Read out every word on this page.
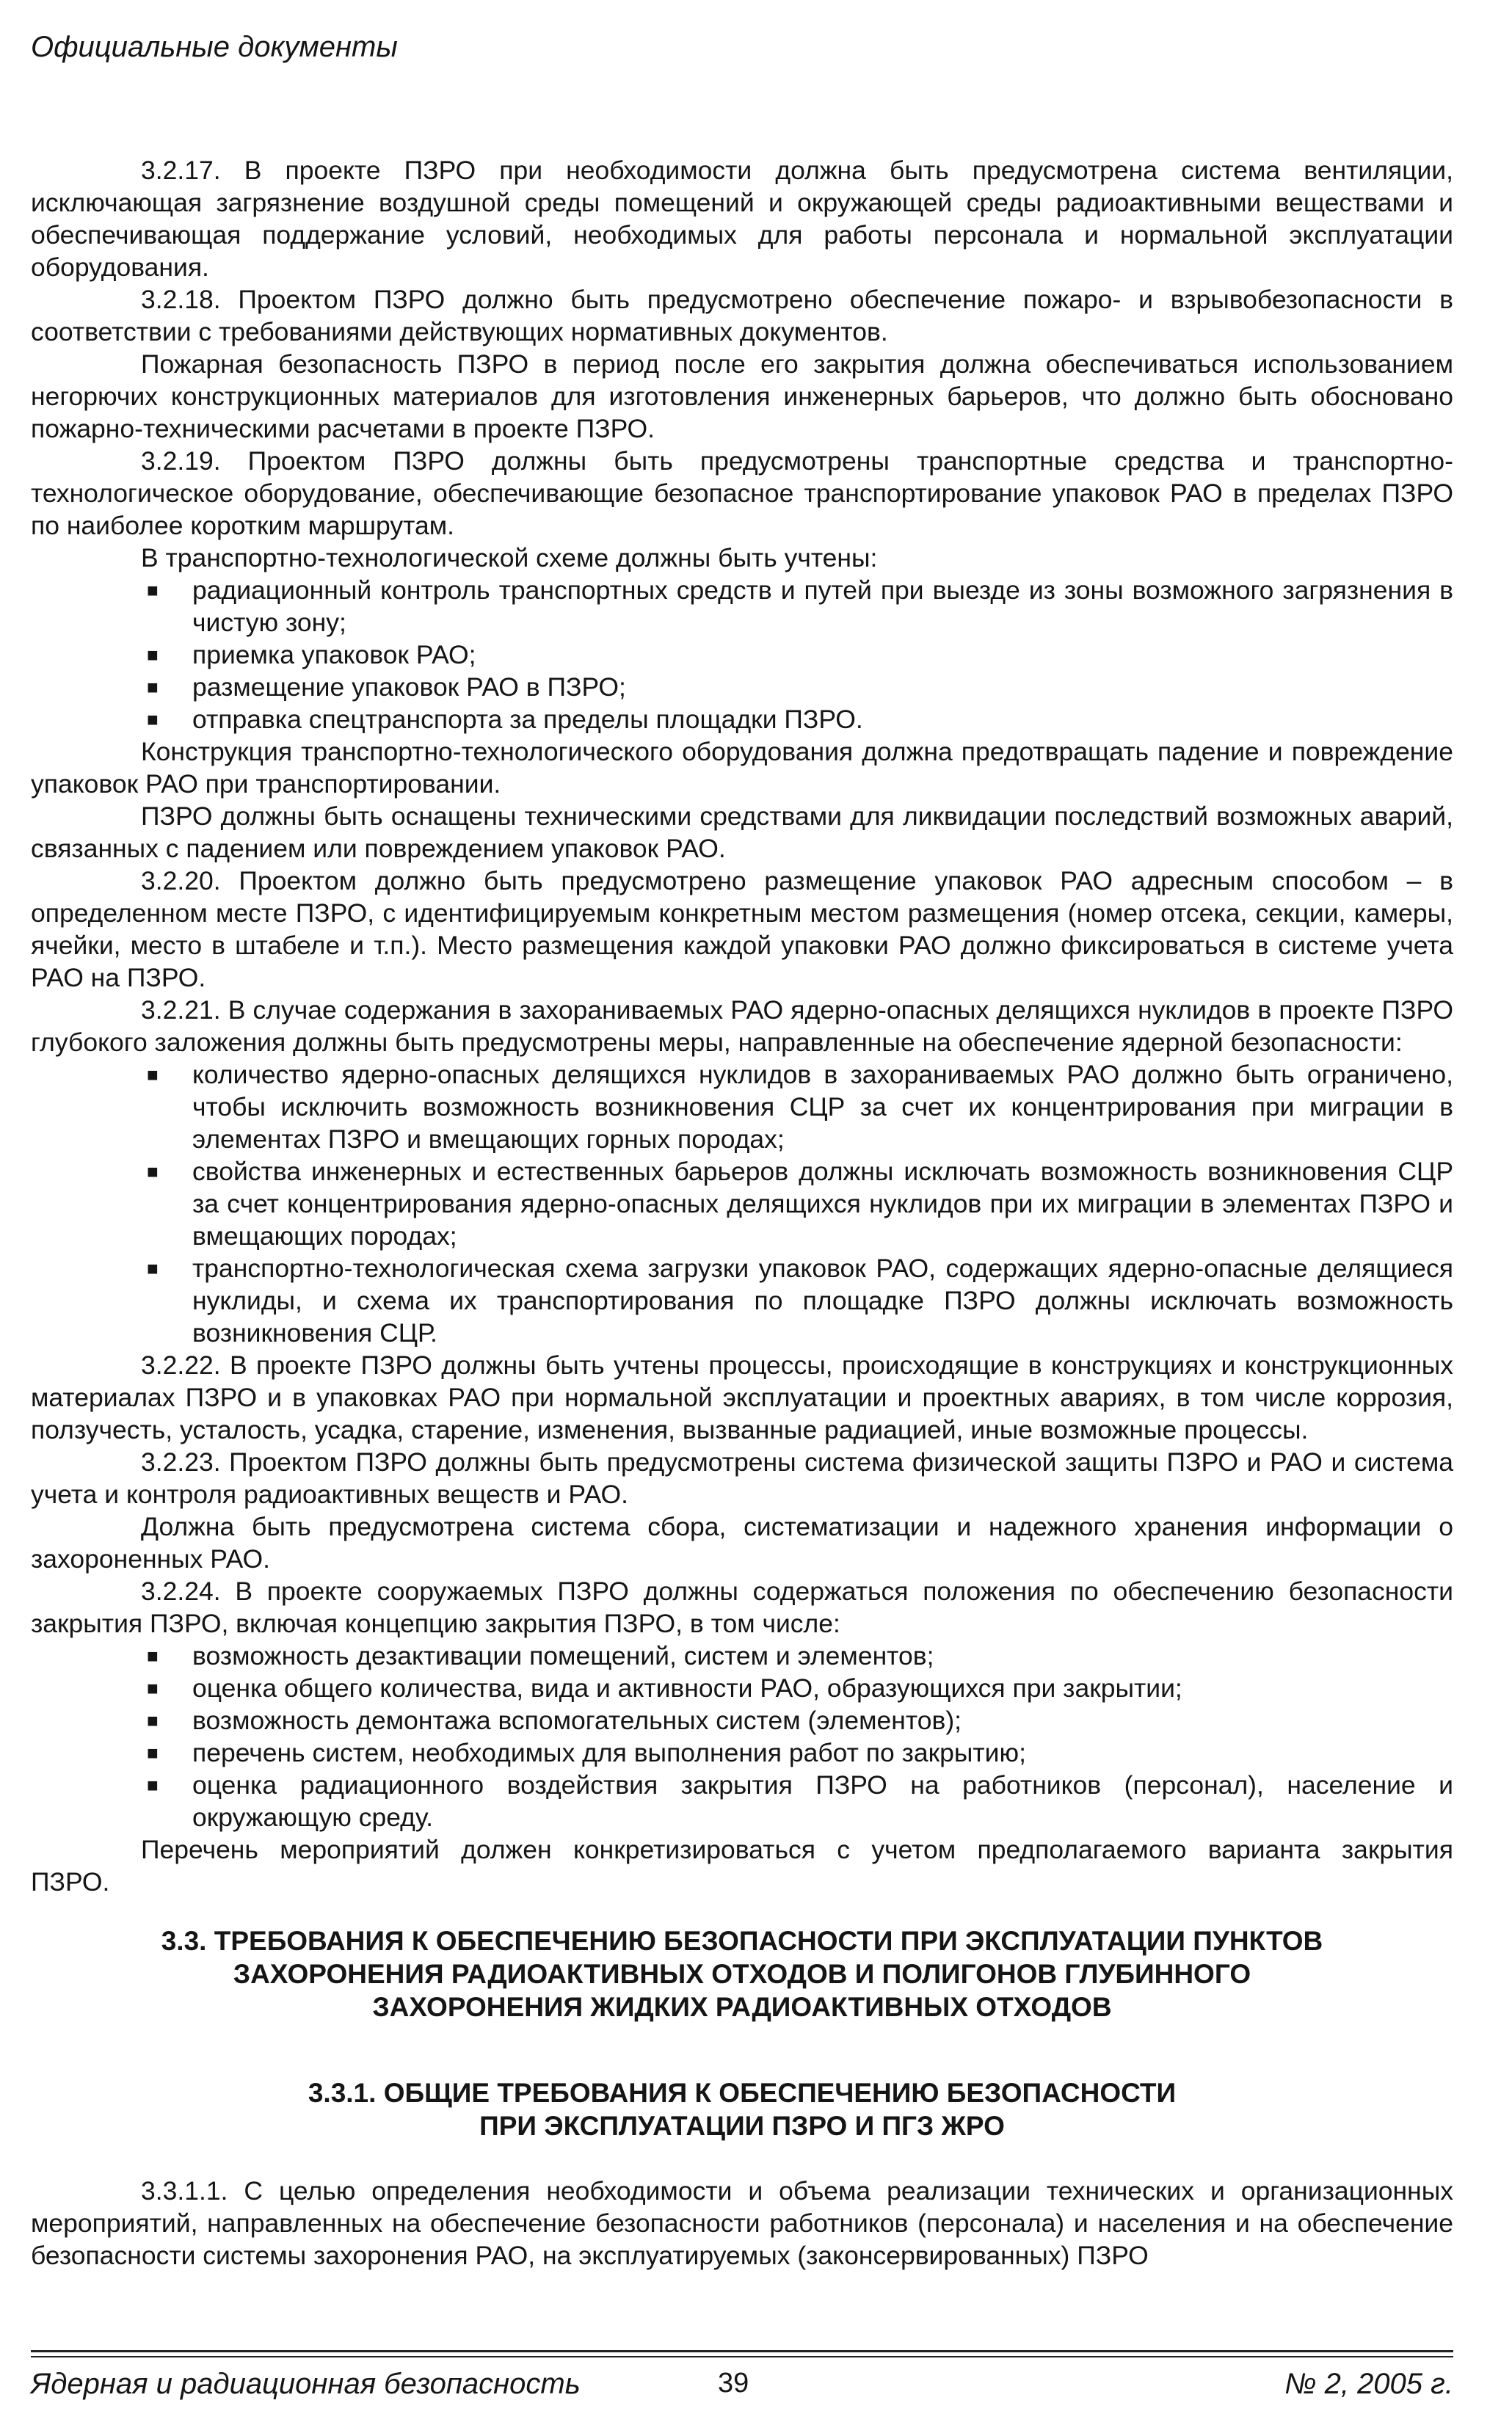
Официальные документы

3.2.17. В проекте ПЗРО при необходимости должна быть предусмотрена система вентиляции, исключающая загрязнение воздушной среды помещений и окружающей среды радиоактивными веществами и обеспечивающая поддержание условий, необходимых для работы персонала и нормальной эксплуатации оборудования.

3.2.18. Проектом ПЗРО должно быть предусмотрено обеспечение пожаро- и взрывобезопасности в соответствии с требованиями действующих нормативных документов.

Пожарная безопасность ПЗРО в период после его закрытия должна обеспечиваться использованием негорючих конструкционных материалов для изготовления инженерных барьеров, что должно быть обосновано пожарно-техническими расчетами в проекте ПЗРО.

3.2.19. Проектом ПЗРО должны быть предусмотрены транспортные средства и транспортно-технологическое оборудование, обеспечивающие безопасное транспортирование упаковок РАО в пределах ПЗРО по наиболее коротким маршрутам.

В транспортно-технологической схеме должны быть учтены:

■ радиационный контроль транспортных средств и путей при выезде из зоны возможного загрязнения в чистую зону;
■ приемка упаковок РАО;
■ размещение упаковок РАО в ПЗРО;
■ отправка спецтранспорта за пределы площадки ПЗРО.

Конструкция транспортно-технологического оборудования должна предотвращать падение и повреждение упаковок РАО при транспортировании.

ПЗРО должны быть оснащены техническими средствами для ликвидации последствий возможных аварий, связанных с падением или повреждением упаковок РАО.

3.2.20. Проектом должно быть предусмотрено размещение упаковок РАО адресным способом – в определенном месте ПЗРО, с идентифицируемым конкретным местом размещения (номер отсека, секции, камеры, ячейки, место в штабеле и т.п.). Место размещения каждой упаковки РАО должно фиксироваться в системе учета РАО на ПЗРО.

3.2.21. В случае содержания в захораниваемых РАО ядерно-опасных делящихся нуклидов в проекте ПЗРО глубокого заложения должны быть предусмотрены меры, направленные на обеспечение ядерной безопасности:

■ количество ядерно-опасных делящихся нуклидов в захораниваемых РАО должно быть ограничено, чтобы исключить возможность возникновения СЦР за счет их концентрирования при миграции в элементах ПЗРО и вмещающих горных породах;
■ свойства инженерных и естественных барьеров должны исключать возможность возникновения СЦР за счет концентрирования ядерно-опасных делящихся нуклидов при их миграции в элементах ПЗРО и вмещающих породах;
■ транспортно-технологическая схема загрузки упаковок РАО, содержащих ядерно-опасные делящиеся нуклиды, и схема их транспортирования по площадке ПЗРО должны исключать возможность возникновения СЦР.

3.2.22. В проекте ПЗРО должны быть учтены процессы, происходящие в конструкциях и конструкционных материалах ПЗРО и в упаковках РАО при нормальной эксплуатации и проектных авариях, в том числе коррозия, ползучесть, усталость, усадка, старение, изменения, вызванные радиацией, иные возможные процессы.

3.2.23. Проектом ПЗРО должны быть предусмотрены система физической защиты ПЗРО и РАО и система учета и контроля радиоактивных веществ и РАО.

Должна быть предусмотрена система сбора, систематизации и надежного хранения информации о захороненных РАО.

3.2.24. В проекте сооружаемых ПЗРО должны содержаться положения по обеспечению безопасности закрытия ПЗРО, включая концепцию закрытия ПЗРО, в том числе:

■ возможность дезактивации помещений, систем и элементов;
■ оценка общего количества, вида и активности РАО, образующихся при закрытии;
■ возможность демонтажа вспомогательных систем (элементов);
■ перечень систем, необходимых для выполнения работ по закрытию;
■ оценка радиационного воздействия закрытия ПЗРО на работников (персонал), население и окружающую среду.

Перечень мероприятий должен конкретизироваться с учетом предполагаемого варианта закрытия

ПЗРО.

3.3. ТРЕБОВАНИЯ К ОБЕСПЕЧЕНИЮ БЕЗОПАСНОСТИ ПРИ ЭКСПЛУАТАЦИИ ПУНКТОВ
ЗАХОРОНЕНИЯ РАДИОАКТИВНЫХ ОТХОДОВ И ПОЛИГОНОВ ГЛУБИННОГО
ЗАХОРОНЕНИЯ ЖИДКИХ РАДИОАКТИВНЫХ ОТХОДОВ
3.3.1. ОБЩИЕ ТРЕБОВАНИЯ К ОБЕСПЕЧЕНИЮ БЕЗОПАСНОСТИ
ПРИ ЭКСПЛУАТАЦИИ ПЗРО И ПГЗ ЖРО

3.3.1.1. С целью определения необходимости и объема реализации технических и организационных мероприятий, направленных на обеспечение безопасности работников (персонала) и населения и на обеспечение безопасности системы захоронения РАО, на эксплуатируемых (законсервированных) ПЗРО

Ядерная и радиационная безопасность	39	№ 2, 2005 г.
